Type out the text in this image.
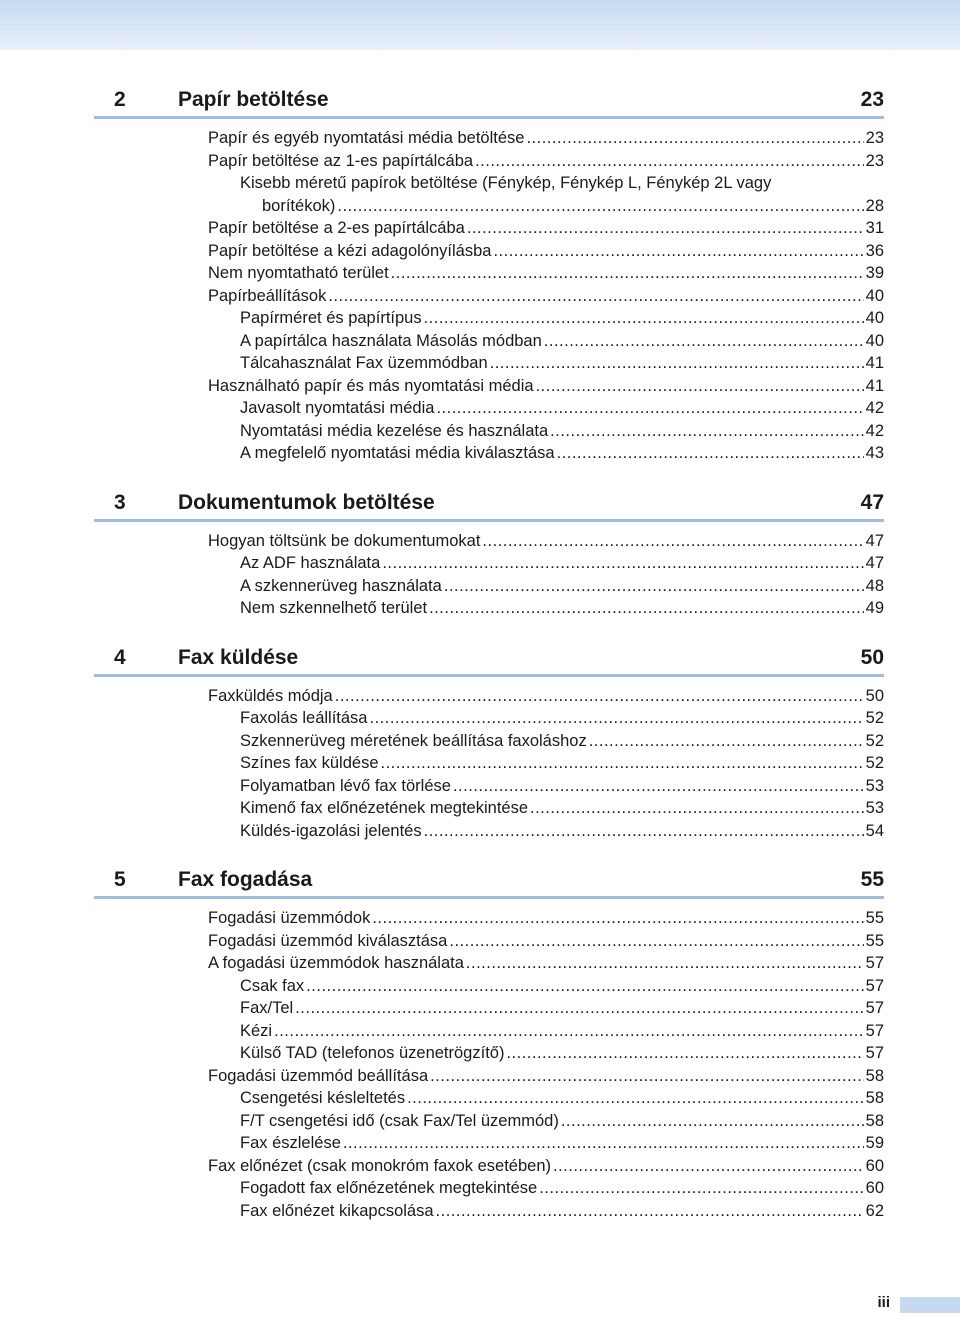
2 Papír betöltése	23
Papír és egyéb nyomtatási média betöltése .....	23
Papír betöltése az 1-es papírtálcába .....	23
Kisebb méretű papírok betöltése (Fénykép, Fénykép L, Fénykép 2L vagy
borítékok) .....	28
Papír betöltése a 2-es papírtálcába .....	31
Papír betöltése a kézi adagolónyílásba .....	36
Nem nyomtatható terület .....	39
Papírbeállítások .....	40
Papírméret és papírtípus .....	40
A papírtálca használata Másolás módban .....	40
Tálcahasználat Fax üzemmódban .....	41
Használható papír és más nyomtatási média .....	41
Javasolt nyomtatási média .....	42
Nyomtatási média kezelése és használata .....	42
A megfelelő nyomtatási média kiválasztása .....	43
3 Dokumentumok betöltése	47
Hogyan töltsünk be dokumentumokat .....	47
Az ADF használata .....	47
A szkennerüveg használata .....	48
Nem szkennelhető terület .....	49
4 Fax küldése	50
Faxküldés módja .....	50
Faxolás leállítása .....	52
Szkennerüveg méretének beállítása faxoláshoz .....	52
Színes fax küldése .....	52
Folyamatban lévő fax törlése .....	53
Kimenő fax előnézetének megtekintése .....	53
Küldés-igazolási jelentés .....	54
5 Fax fogadása	55
Fogadási üzemmódok .....	55
Fogadási üzemmód kiválasztása .....	55
A fogadási üzemmódok használata .....	57
Csak fax .....	57
Fax/Tel .....	57
Kézi .....	57
Külső TAD (telefonos üzenetrögzítő) .....	57
Fogadási üzemmód beállítása .....	58
Csengetési késleltetés .....	58
F/T csengetési idő (csak Fax/Tel üzemmód) .....	58
Fax észlelése .....	59
Fax előnézet (csak monokróm faxok esetében) .....	60
Fogadott fax előnézetének megtekintése .....	60
Fax előnézet kikapcsolása .....	62
iii
